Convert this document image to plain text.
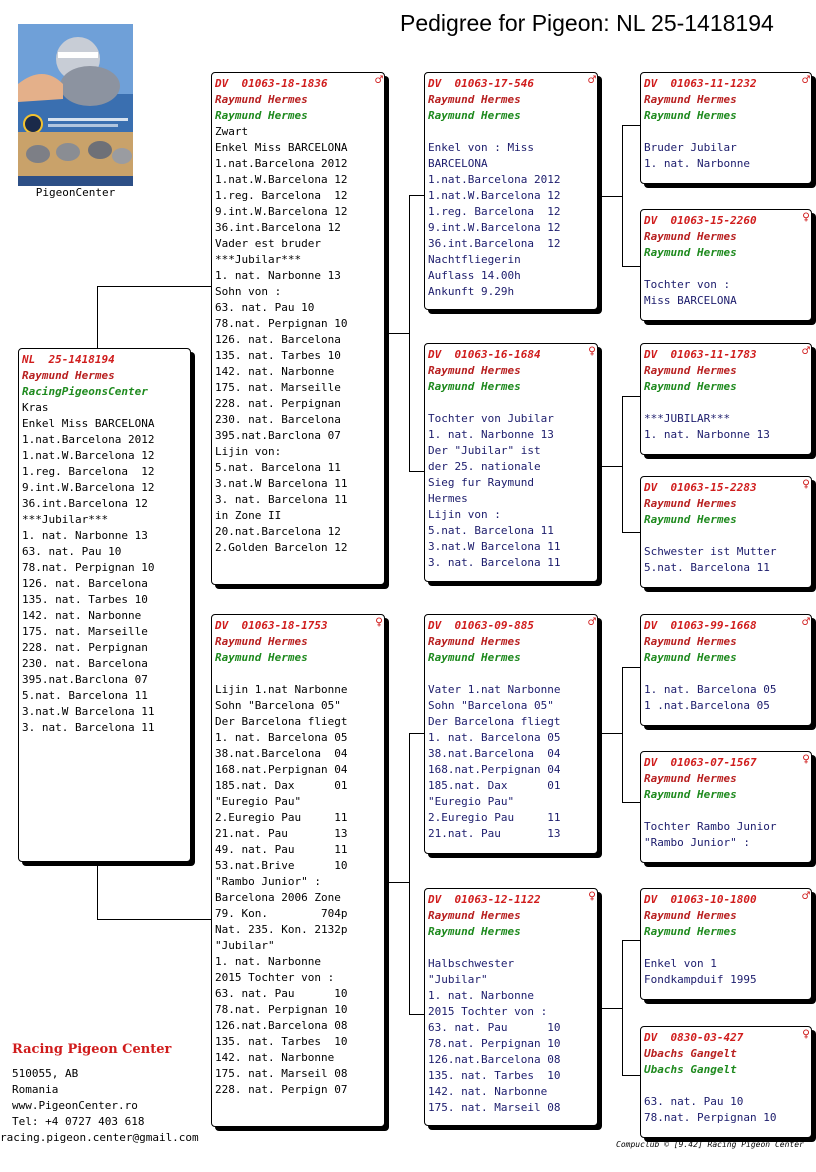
Pedigree for Pigeon: NL 25-1418194
PigeonCenter
NL  25-1418194
Raymund Hermes
RacingPigeonsCenter
Kras
Enkel Miss BARCELONA
1.nat.Barcelona 2012
1.nat.W.Barcelona 12
1.reg. Barcelona  12
9.int.W.Barcelona 12
36.int.Barcelona 12
***Jubilar***
1. nat. Narbonne 13
63. nat. Pau 10
78.nat. Perpignan 10
126. nat. Barcelona
135. nat. Tarbes 10
142. nat. Narbonne
175. nat. Marseille
228. nat. Perpignan
230. nat. Barcelona
395.nat.Barclona 07
5.nat. Barcelona 11
3.nat.W Barcelona 11
3. nat. Barcelona 11
DV  01063-18-1836	♂
Raymund Hermes
Raymund Hermes
Zwart
Enkel Miss BARCELONA
1.nat.Barcelona 2012
1.nat.W.Barcelona 12
1.reg. Barcelona  12
9.int.W.Barcelona 12
36.int.Barcelona 12
Vader est bruder
***Jubilar***
1. nat. Narbonne 13
Sohn von :
63. nat. Pau 10
78.nat. Perpignan 10
126. nat. Barcelona
135. nat. Tarbes 10
142. nat. Narbonne
175. nat. Marseille
228. nat. Perpignan
230. nat. Barcelona
395.nat.Barclona 07
Lijin von:
5.nat. Barcelona 11
3.nat.W Barcelona 11
3. nat. Barcelona 11
in Zone II
20.nat.Barcelona 12
2.Golden Barcelon 12
DV  01063-18-1753	♀
Raymund Hermes
Raymund Hermes
Lijin 1.nat Narbonne
Sohn "Barcelona 05"
Der Barcelona fliegt
1. nat. Barcelona 05
38.nat.Barcelona  04
168.nat.Perpignan 04
185.nat. Dax      01
"Euregio Pau"
2.Euregio Pau     11
21.nat. Pau       13
49. nat. Pau      11
53.nat.Brive      10
"Rambo Junior" :
Barcelona 2006 Zone
79. Kon.        704p
Nat. 235. Kon. 2132p
"Jubilar"
1. nat. Narbonne
2015 Tochter von :
63. nat. Pau      10
78.nat. Perpignan 10
126.nat.Barcelona 08
135. nat. Tarbes  10
142. nat. Narbonne
175. nat. Marseil 08
228. nat. Perpign 07
DV  01063-17-546	♂
Raymund Hermes
Raymund Hermes
Enkel von : Miss
BARCELONA
1.nat.Barcelona 2012
1.nat.W.Barcelona 12
1.reg. Barcelona  12
9.int.W.Barcelona 12
36.int.Barcelona  12
Nachtfliegerin
Auflass 14.00h
Ankunft 9.29h
DV  01063-16-1684	♀
Raymund Hermes
Raymund Hermes
Tochter von Jubilar
1. nat. Narbonne 13
Der "Jubilar" ist
der 25. nationale
Sieg fur Raymund
Hermes
Lijin von :
5.nat. Barcelona 11
3.nat.W Barcelona 11
3. nat. Barcelona 11
DV  01063-09-885	♂
Raymund Hermes
Raymund Hermes
Vater 1.nat Narbonne
Sohn "Barcelona 05"
Der Barcelona fliegt
1. nat. Barcelona 05
38.nat.Barcelona  04
168.nat.Perpignan 04
185.nat. Dax      01
"Euregio Pau"
2.Euregio Pau     11
21.nat. Pau       13
DV  01063-12-1122	♀
Raymund Hermes
Raymund Hermes
Halbschwester
"Jubilar"
1. nat. Narbonne
2015 Tochter von :
63. nat. Pau      10
78.nat. Perpignan 10
126.nat.Barcelona 08
135. nat. Tarbes  10
142. nat. Narbonne
175. nat. Marseil 08
DV  01063-11-1232	♂
Raymund Hermes
Raymund Hermes
Bruder Jubilar
1. nat. Narbonne
DV  01063-15-2260	♀
Raymund Hermes
Raymund Hermes
Tochter von :
Miss BARCELONA
DV  01063-11-1783	♂
Raymund Hermes
Raymund Hermes
***JUBILAR***
1. nat. Narbonne 13
DV  01063-15-2283	♀
Raymund Hermes
Raymund Hermes
Schwester ist Mutter
5.nat. Barcelona 11
DV  01063-99-1668	♂
Raymund Hermes
Raymund Hermes
1. nat. Barcelona 05
1 .nat.Barcelona 05
DV  01063-07-1567	♀
Raymund Hermes
Raymund Hermes
Tochter Rambo Junior
"Rambo Junior" :
DV  01063-10-1800	♂
Raymund Hermes
Raymund Hermes
Enkel von 1
Fondkampduif 1995
DV  0830-03-427	♀
Ubachs Gangelt
Ubachs Gangelt
63. nat. Pau 10
78.nat. Perpignan 10
Racing Pigeon Center
510055, AB
Romania
www.PigeonCenter.ro
Tel: +4 0727 403 618
racing.pigeon.center@gmail.com
Compuclub © [9.42] Racing Pigeon Center
